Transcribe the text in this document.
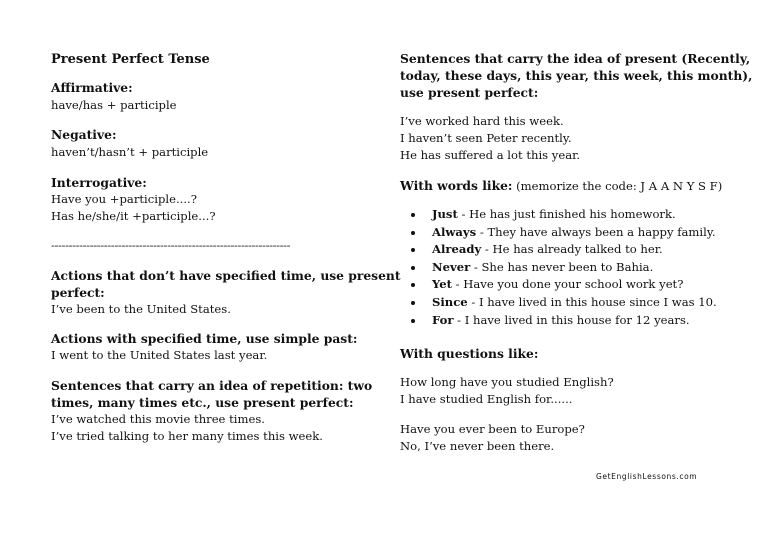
Present Perfect Tense
Affirmative:
have/has + participle
Negative:
haven’t/hasn’t + participle
Interrogative:
Have you +participle....?
Has he/she/it +participle...?
--------------------------------------------------------------------
Actions that don’t have specified time, use present
perfect:
I’ve been to the United States.
Actions with specified time, use simple past:
I went to the United States last year.
Sentences that carry an idea of repetition: two
times, many times etc., use present perfect:
I’ve watched this movie three times.
I’ve tried talking to her many times this week.
Sentences that carry the idea of present (Recently,
today, these days, this year, this week, this month),
use present perfect:
I’ve worked hard this week.
I haven’t seen Peter recently.
He has suffered a lot this year.
With words like: (memorize the code: J A A N Y S F)
Just - He has just finished his homework.
Always - They have always been a happy family.
Already - He has already talked to her.
Never - She has never been to Bahia.
Yet - Have you done your school work yet?
Since - I have lived in this house since I was 10.
For - I have lived in this house for 12 years.
With questions like:
How long have you studied English?
I have studied English for......
Have you ever been to Europe?
No, I’ve never been there.
GetEnglishLessons.com
